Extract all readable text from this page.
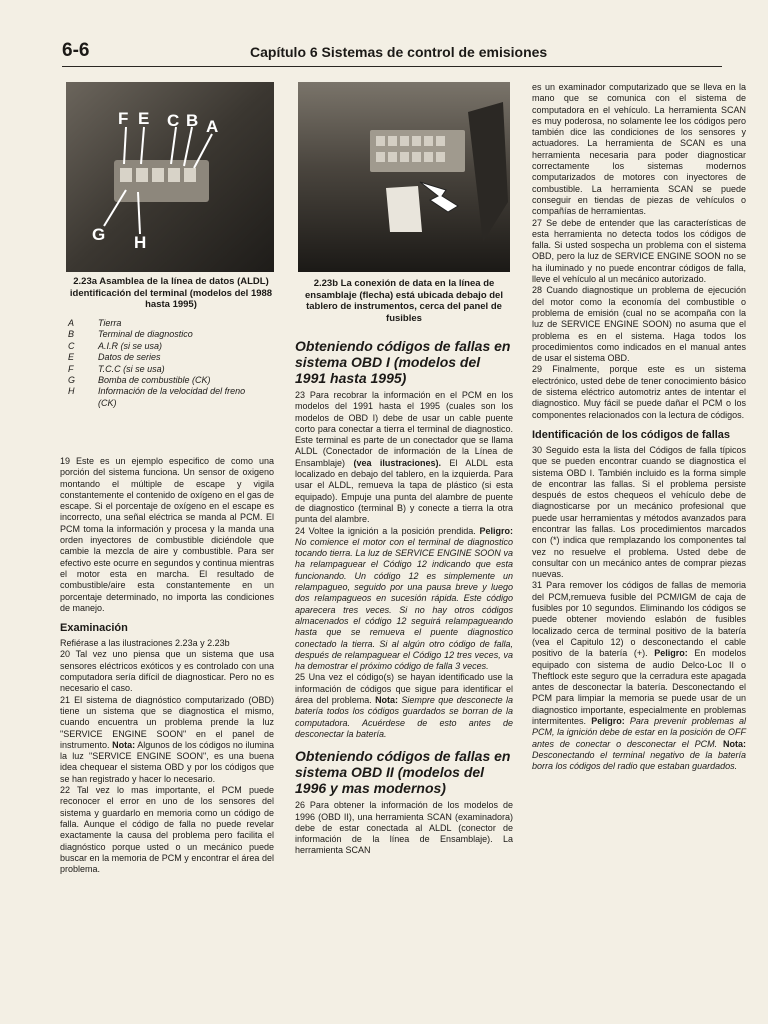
6-6	Capítulo 6 Sistemas de control de emisiones
F E C B A
G H
2.23a Asamblea de la línea de datos (ALDL) identificación del terminal (modelos del 1988 hasta 1995)
A	Tierra
B	Terminal de diagnostico
C	A.I.R (si se usa)
E	Datos de series
F	T.C.C (si se usa)
G	Bomba de combustible (CK)
H	Información de la velocidad del freno (CK)
2.23b La conexión de data en la línea de ensamblaje (flecha) está ubicada debajo del tablero de instrumentos, cerca del panel de fusibles

19 Este es un ejemplo especifico de como una porción del sistema funciona. Un sensor de oxigeno montando el múltiple de escape y vigila constantemente el contenido de oxígeno en el gas de escape. Si el porcentaje de oxígeno en el escape es incorrecto, una señal eléctrica se manda al PCM. El PCM toma la información y procesa y la manda una orden inyectores de combustible diciéndole que cambie la mezcla de aire y combustible. Para ser efectivo este ocurre en segundos y continua mientras el motor esta en marcha. El resultado de combustible/aire esta constantemente en un porcentaje determinado, no importa las condiciones de manejo.

Examinación

Refiérase a las ilustraciones 2.23a y 2.23b

20 Tal vez uno piensa que un sistema que usa sensores eléctricos exóticos y es controlado con una computadora sería difícil de diagnosticar. Pero no es necesario el caso.

21 El sistema de diagnóstico computarizado (OBD) tiene un sistema que se diagnostica el mismo, cuando encuentra un problema prende la luz "SERVICE ENGINE SOON" en el panel de instrumento. Nota: Algunos de los códigos no ilumina la luz "SERVICE ENGINE SOON", es una buena idea chequear el sistema OBD y por los códigos que se han registrado y hacer lo necesario.

22 Tal vez lo mas importante, el PCM puede reconocer el error en uno de los sensores del sistema y guardarlo en memoria como un código de falla. Aunque el código de falla no puede revelar exactamente la causa del problema pero facilita el diagnóstico porque usted o un mecánico puede buscar en la memoria de PCM y encontrar el área del problema.

Obteniendo códigos de fallas en sistema OBD I (modelos del 1991 hasta 1995)

23 Para recobrar la información en el PCM en los modelos del 1991 hasta el 1995 (cuales son los modelos de OBD I) debe de usar un cable puente corto para conectar a tierra el terminal de diagnostico. Este terminal es parte de un conectador que se llama ALDL (Conectador de información de la Línea de Ensamblaje) (vea ilustraciones). El ALDL esta localizado en debajo del tablero, en la izquierda. Para usar el ALDL, remueva la tapa de plástico (si esta equipado). Empuje una punta del alambre de puente de diagnostico (terminal B) y conecte a tierra la otra punta del alambre.

24 Voltee la ignición a la posición prendida. Peligro: No comience el motor con el terminal de diagnostico tocando tierra. La luz de SERVICE ENGINE SOON va ha relampaguear el Código 12 indicando que esta funcionando. Un código 12 es simplemente un relampagueo, seguido por una pausa breve y luego dos relampagueos en sucesión rápida. Este código aparecera tres veces. Si no hay otros códigos almacenados el código 12 seguirá relampagueando hasta que se remueva el puente diagnostico conectado la tierra. Si al algún otro código de falla, después de relampaguear el Código 12 tres veces, va ha demostrar el próximo código de falla 3 veces.

25 Una vez el código(s) se hayan identificado use la información de códigos que sigue para identificar el área del problema. Nota: Siempre que desconecte la batería todos los códigos guardados se borran de la computadora. Acuérdese de esto antes de desconectar la batería.

Obteniendo códigos de fallas en sistema OBD II (modelos del 1996 y mas modernos)

26 Para obtener la información de los modelos de 1996 (OBD II), una herramienta SCAN (examinadora) debe de estar conectada al ALDL (conector de información de la línea de Ensamblaje). La herramienta SCAN

es un examinador computarizado que se lleva en la mano que se comunica con el sistema de computadora en el vehículo. La herramienta SCAN es muy poderosa, no solamente lee los códigos pero también dice las condiciones de los sensores y actuadores. La herramienta de SCAN es una herramienta necesaria para poder diagnosticar correctamente los sistemas modernos computarizados de motores con inyectores de combustible. La herramienta SCAN se puede conseguir en tiendas de piezas de vehículos o compañías de herramientas.

27 Se debe de entender que las características de esta herramienta no detecta todos los códigos de falla. Si usted sospecha un problema con el sistema OBD, pero la luz de SERVICE ENGINE SOON no se ha iluminado y no puede encontrar códigos de falla, lleve el vehículo al un mecánico autorizado.

28 Cuando diagnostique un problema de ejecución del motor como la economía del combustible o problema de emisión (cual no se acompaña con la luz de SERVICE ENGINE SOON) no asuma que el problema es en el sistema. Haga todos los procedimientos como indicados en el manual antes de usar el sistema OBD.

29 Finalmente, porque este es un sistema electrónico, usted debe de tener conocimiento básico de sistema eléctrico automotriz antes de intentar el diagnostico. Muy fácil se puede dañar el PCM o los componentes relacionados con la lectura de códigos.

Identificación de los códigos de fallas

30 Seguido esta la lista del Códigos de falla típicos que se pueden encontrar cuando se diagnostica el sistema OBD I. También incluido es la forma simple de encontrar las fallas. Si el problema persiste después de estos chequeos el vehículo debe de diagnosticarse por un mecánico profesional que puede usar herramientas y métodos avanzados para encontrar las fallas. Los procedimientos marcados con (*) indica que remplazando los componentes tal vez no resuelve el problema. Usted debe de consultar con un mecánico antes de comprar piezas nuevas.

31 Para remover los códigos de fallas de memoria del PCM,remueva fusible del PCM/IGM de caja de fusibles por 10 segundos. Eliminando los códigos se puede obtener moviendo eslabón de fusibles localizado cerca de terminal positivo de la batería (vea el Capitulo 12) o desconectando el cable positivo de la batería (+). Peligro: En modelos equipado con sistema de audio Delco-Loc II o Theftlock este seguro que la cerradura este apagada antes de desconectar la batería. Desconectando el PCM para limpiar la memoria se puede usar de un diagnostico importante, especialmente en problemas intermitentes. Peligro: Para prevenir problemas al PCM, la ignición debe de estar en la posición de OFF antes de conectar o desconectar el PCM. Nota: Desconectando el terminal negativo de la batería borra los códigos del radio que estaban guardados.
